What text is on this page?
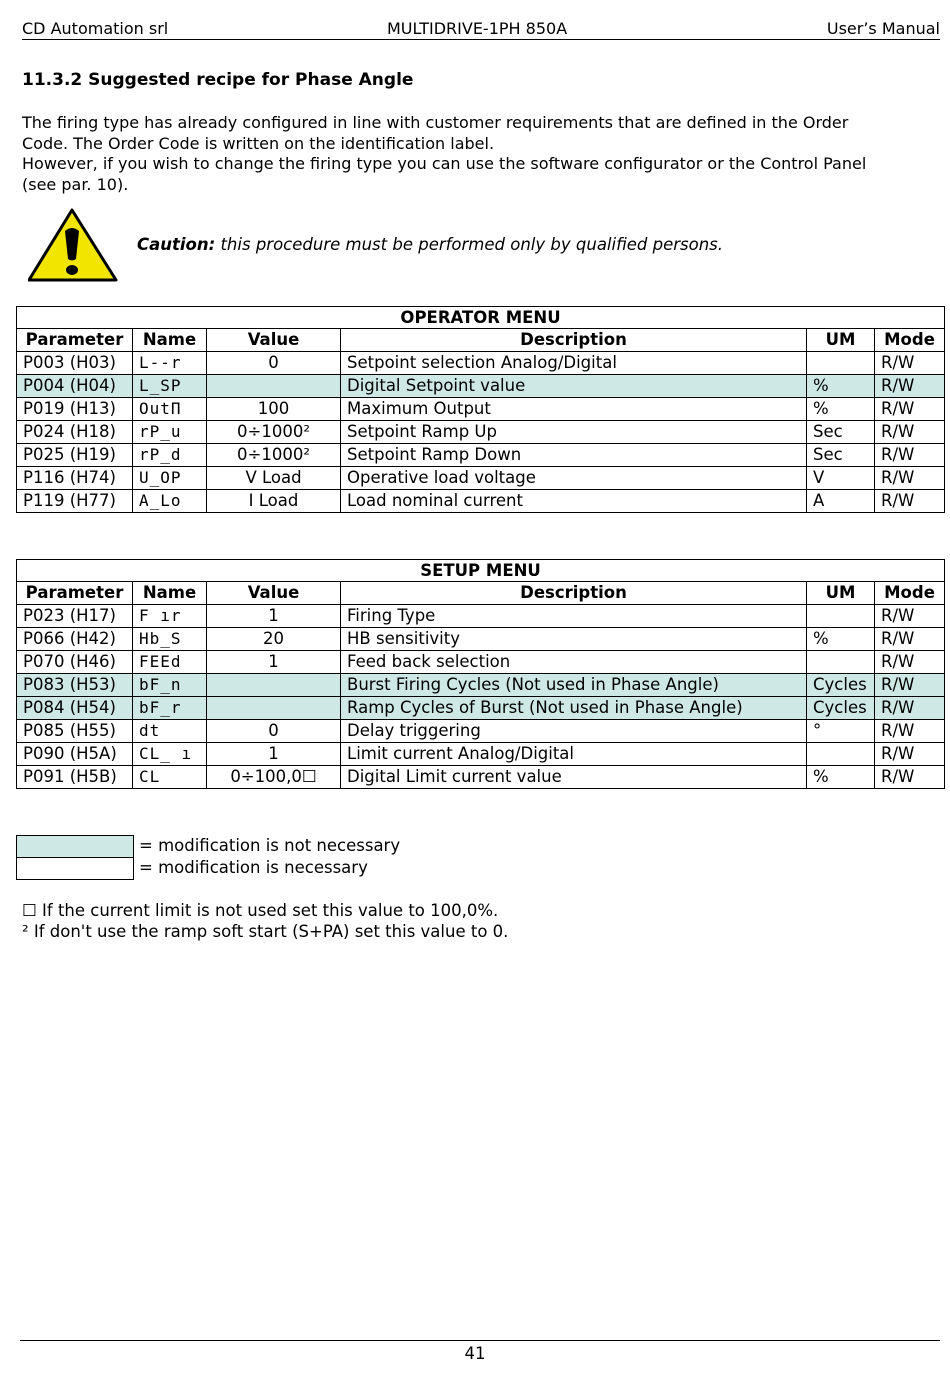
CD Automation srl	MULTIDRIVE-1PH 850A	User’s Manual
11.3.2 Suggested recipe for Phase Angle
The firing type has already configured in line with customer requirements that are defined in the Order
Code. The Order Code is written on the identification label.
However, if you wish to change the firing type you can use the software configurator or the Control Panel
(see par. 10).
Caution: this procedure must be performed only by qualified persons.
OPERATOR MENU					
Parameter	Name	Value	Description	UM	Mode
P003 (H03)	L--r	0	Setpoint selection Analog/Digital		R/W
P004 (H04)	L_SP		Digital Setpoint value	%	R/W
P019 (H13)	OutΠ	100	Maximum Output	%	R/W
P024 (H18)	rP_u	0÷1000²	Setpoint Ramp Up	Sec	R/W
P025 (H19)	rP_d	0÷1000²	Setpoint Ramp Down	Sec	R/W
P116 (H74)	U_OP	V Load	Operative load voltage	V	R/W
P119 (H77)	A_Lo	I Load	Load nominal current	A	R/W
SETUP MENU					
Parameter	Name	Value	Description	UM	Mode
P023 (H17)	F ır	1	Firing Type		R/W
P066 (H42)	Hb_S	20	HB sensitivity	%	R/W
P070 (H46)	FEEd	1	Feed back selection		R/W
P083 (H53)	bF_n		Burst Firing Cycles (Not used in Phase Angle)	Cycles	R/W
P084 (H54)	bF_r		Ramp Cycles of Burst (Not used in Phase Angle)	Cycles	R/W
P085 (H55)	dt	0	Delay triggering	°	R/W
P090 (H5A)	CL_ ı	1	Limit current Analog/Digital		R/W
P091 (H5B)	CL	0÷100,0☐	Digital Limit current value	%	R/W
= modification is not necessary
= modification is necessary
☐ If the current limit is not used set this value to 100,0%.
² If don't use the ramp soft start (S+PA) set this value to 0.
41
